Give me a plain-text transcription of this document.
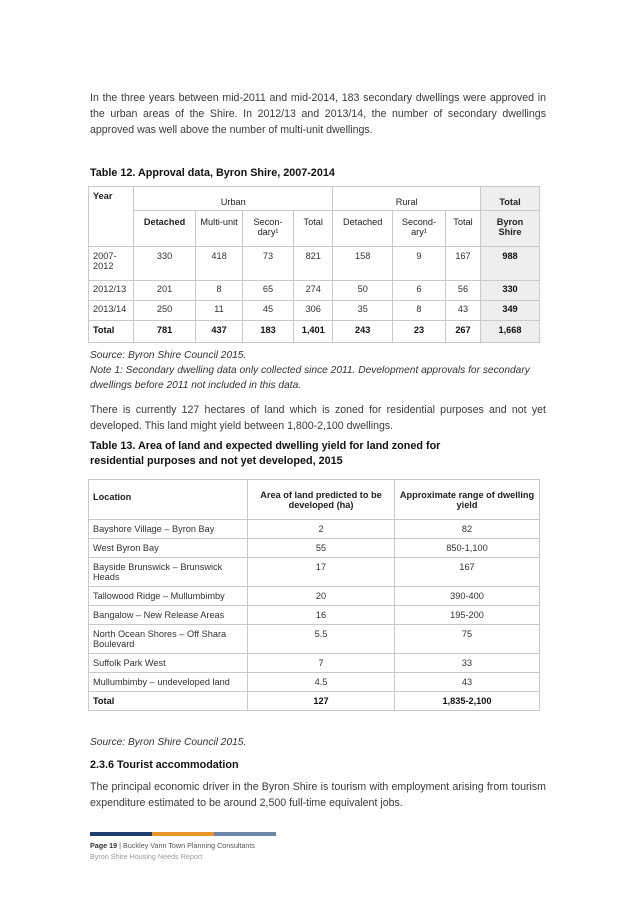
In the three years between mid-2011 and mid-2014, 183 secondary dwellings were approved in the urban areas of the Shire. In 2012/13 and 2013/14, the number of secondary dwellings approved was well above the number of multi-unit dwellings.
Table 12. Approval data, Byron Shire, 2007-2014
Year	Urban				Rural			Total
	Detached	Multi-unit	Secon-dary¹	Total	Detached	Second-ary¹	Total	Byron Shire
2007-2012	330	418	73	821	158	9	167	988
2012/13	201	8	65	274	50	6	56	330
2013/14	250	11	45	306	35	8	43	349
Total	781	437	183	1,401	243	23	267	1,668
Source: Byron Shire Council 2015.
Note 1: Secondary dwelling data only collected since 2011. Development approvals for secondary dwellings before 2011 not included in this data.
There is currently 127 hectares of land which is zoned for residential purposes and not yet developed. This land might yield between 1,800-2,100 dwellings.
Table 13. Area of land and expected dwelling yield for land zoned for residential purposes and not yet developed, 2015
Location	Area of land predicted to be developed (ha)	Approximate range of dwelling yield
Bayshore Village – Byron Bay	2	82
West Byron Bay	55	850-1,100
Bayside Brunswick – Brunswick Heads	17	167
Tallowood Ridge – Mullumbimby	20	390-400
Bangalow – New Release Areas	16	195-200
North Ocean Shores – Off Shara Boulevard	5.5	75
Suffolk Park West	7	33
Mullumbimby – undeveloped land	4.5	43
Total	127	1,835-2,100
Source: Byron Shire Council 2015.
2.3.6 Tourist accommodation
The principal economic driver in the Byron Shire is tourism with employment arising from tourism expenditure estimated to be around 2,500 full-time equivalent jobs.
Page 19 | Buckley Vann Town Planning Consultants
Byron Shire Housing Needs Report
